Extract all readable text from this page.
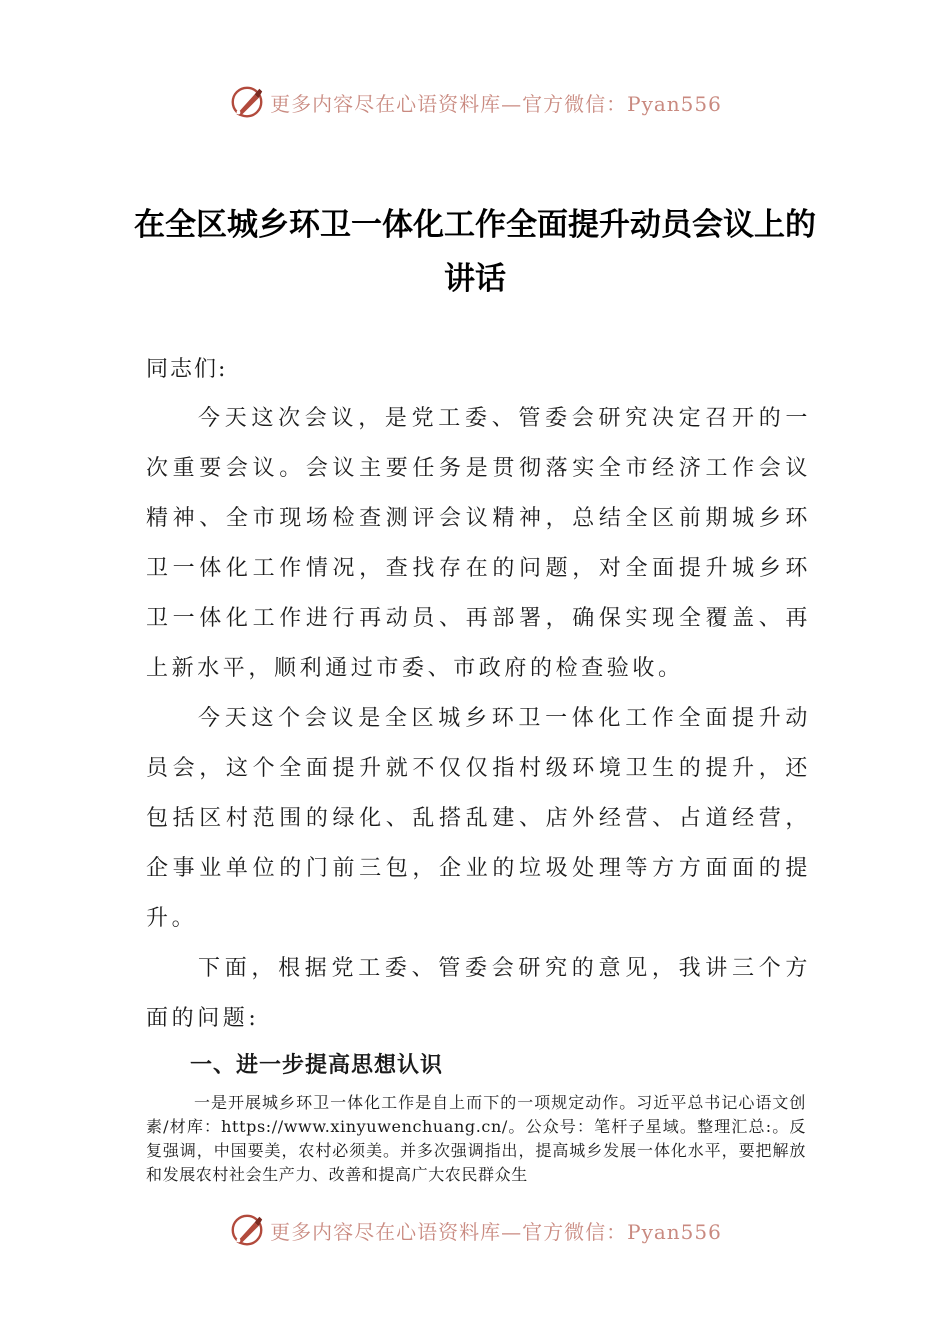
更多内容尽在心语资料库—官方微信：Pyan556
在全区城乡环卫一体化工作全面提升动员会议上的讲话
同志们:

今天这次会议，是党工委、管委会研究决定召开的一次重要会议。会议主要任务是贯彻落实全市经济工作会议精神、全市现场检查测评会议精神，总结全区前期城乡环卫一体化工作情况，查找存在的问题，对全面提升城乡环卫一体化工作进行再动员、再部署，确保实现全覆盖、再上新水平，顺利通过市委、市政府的检查验收。

今天这个会议是全区城乡环卫一体化工作全面提升动员会，这个全面提升就不仅仅指村级环境卫生的提升，还包括区村范围的绿化、乱搭乱建、店外经营、占道经营，企事业单位的门前三包，企业的垃圾处理等方方面面的提升。

下面，根据党工委、管委会研究的意见，我讲三个方面的问题:

一、进一步提高思想认识

一是开展城乡环卫一体化工作是自上而下的一项规定动作。习近平总书记心语文创素/材库：https://www.xinyuwenchuang.cn/。公众号：笔杆子星域。整理汇总:。反复强调，中国要美，农村必须美。并多次强调指出，提高城乡发展一体化水平，要把解放和发展农村社会生产力、改善和提高广大农民群众生

更多内容尽在心语资料库—官方微信：Pyan556
